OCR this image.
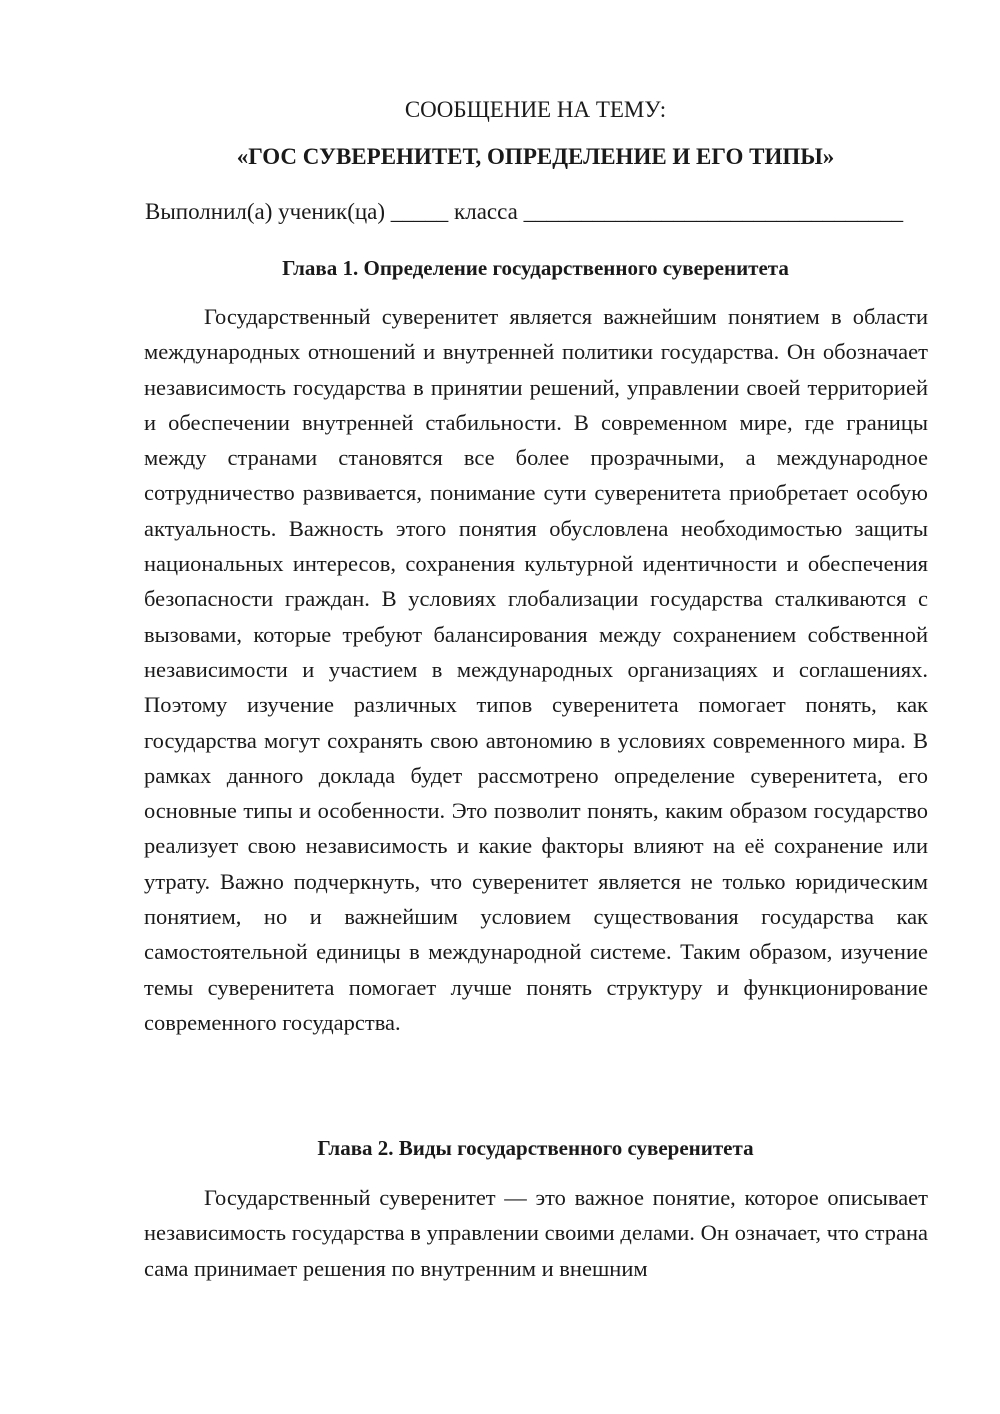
СООБЩЕНИЕ НА ТЕМУ:
«ГОС СУВЕРЕНИТЕТ, ОПРЕДЕЛЕНИЕ И ЕГО ТИПЫ»
Выполнил(а) ученик(ца) _____ класса _________________________________
Глава 1. Определение государственного суверенитета

Государственный суверенитет является важнейшим понятием в области международных отношений и внутренней политики государства. Он обозначает независимость государства в принятии решений, управлении своей территорией и обеспечении внутренней стабильности. В современном мире, где границы между странами становятся все более прозрачными, а международное сотрудничество развивается, понимание сути суверенитета приобретает особую актуальность. Важность этого понятия обусловлена необходимостью защиты национальных интересов, сохранения культурной идентичности и обеспечения безопасности граждан. В условиях глобализации государства сталкиваются с вызовами, которые требуют балансирования между сохранением собственной независимости и участием в международных организациях и соглашениях. Поэтому изучение различных типов суверенитета помогает понять, как государства могут сохранять свою автономию в условиях современного мира. В рамках данного доклада будет рассмотрено определение суверенитета, его основные типы и особенности. Это позволит понять, каким образом государство реализует свою независимость и какие факторы влияют на её сохранение или утрату. Важно подчеркнуть, что суверенитет является не только юридическим понятием, но и важнейшим условием существования государства как самостоятельной единицы в международной системе. Таким образом, изучение темы суверенитета помогает лучше понять структуру и функционирование современного государства.

Глава 2. Виды государственного суверенитета

Государственный суверенитет — это важное понятие, которое описывает независимость государства в управлении своими делами. Он означает, что страна сама принимает решения по внутренним и внешним
